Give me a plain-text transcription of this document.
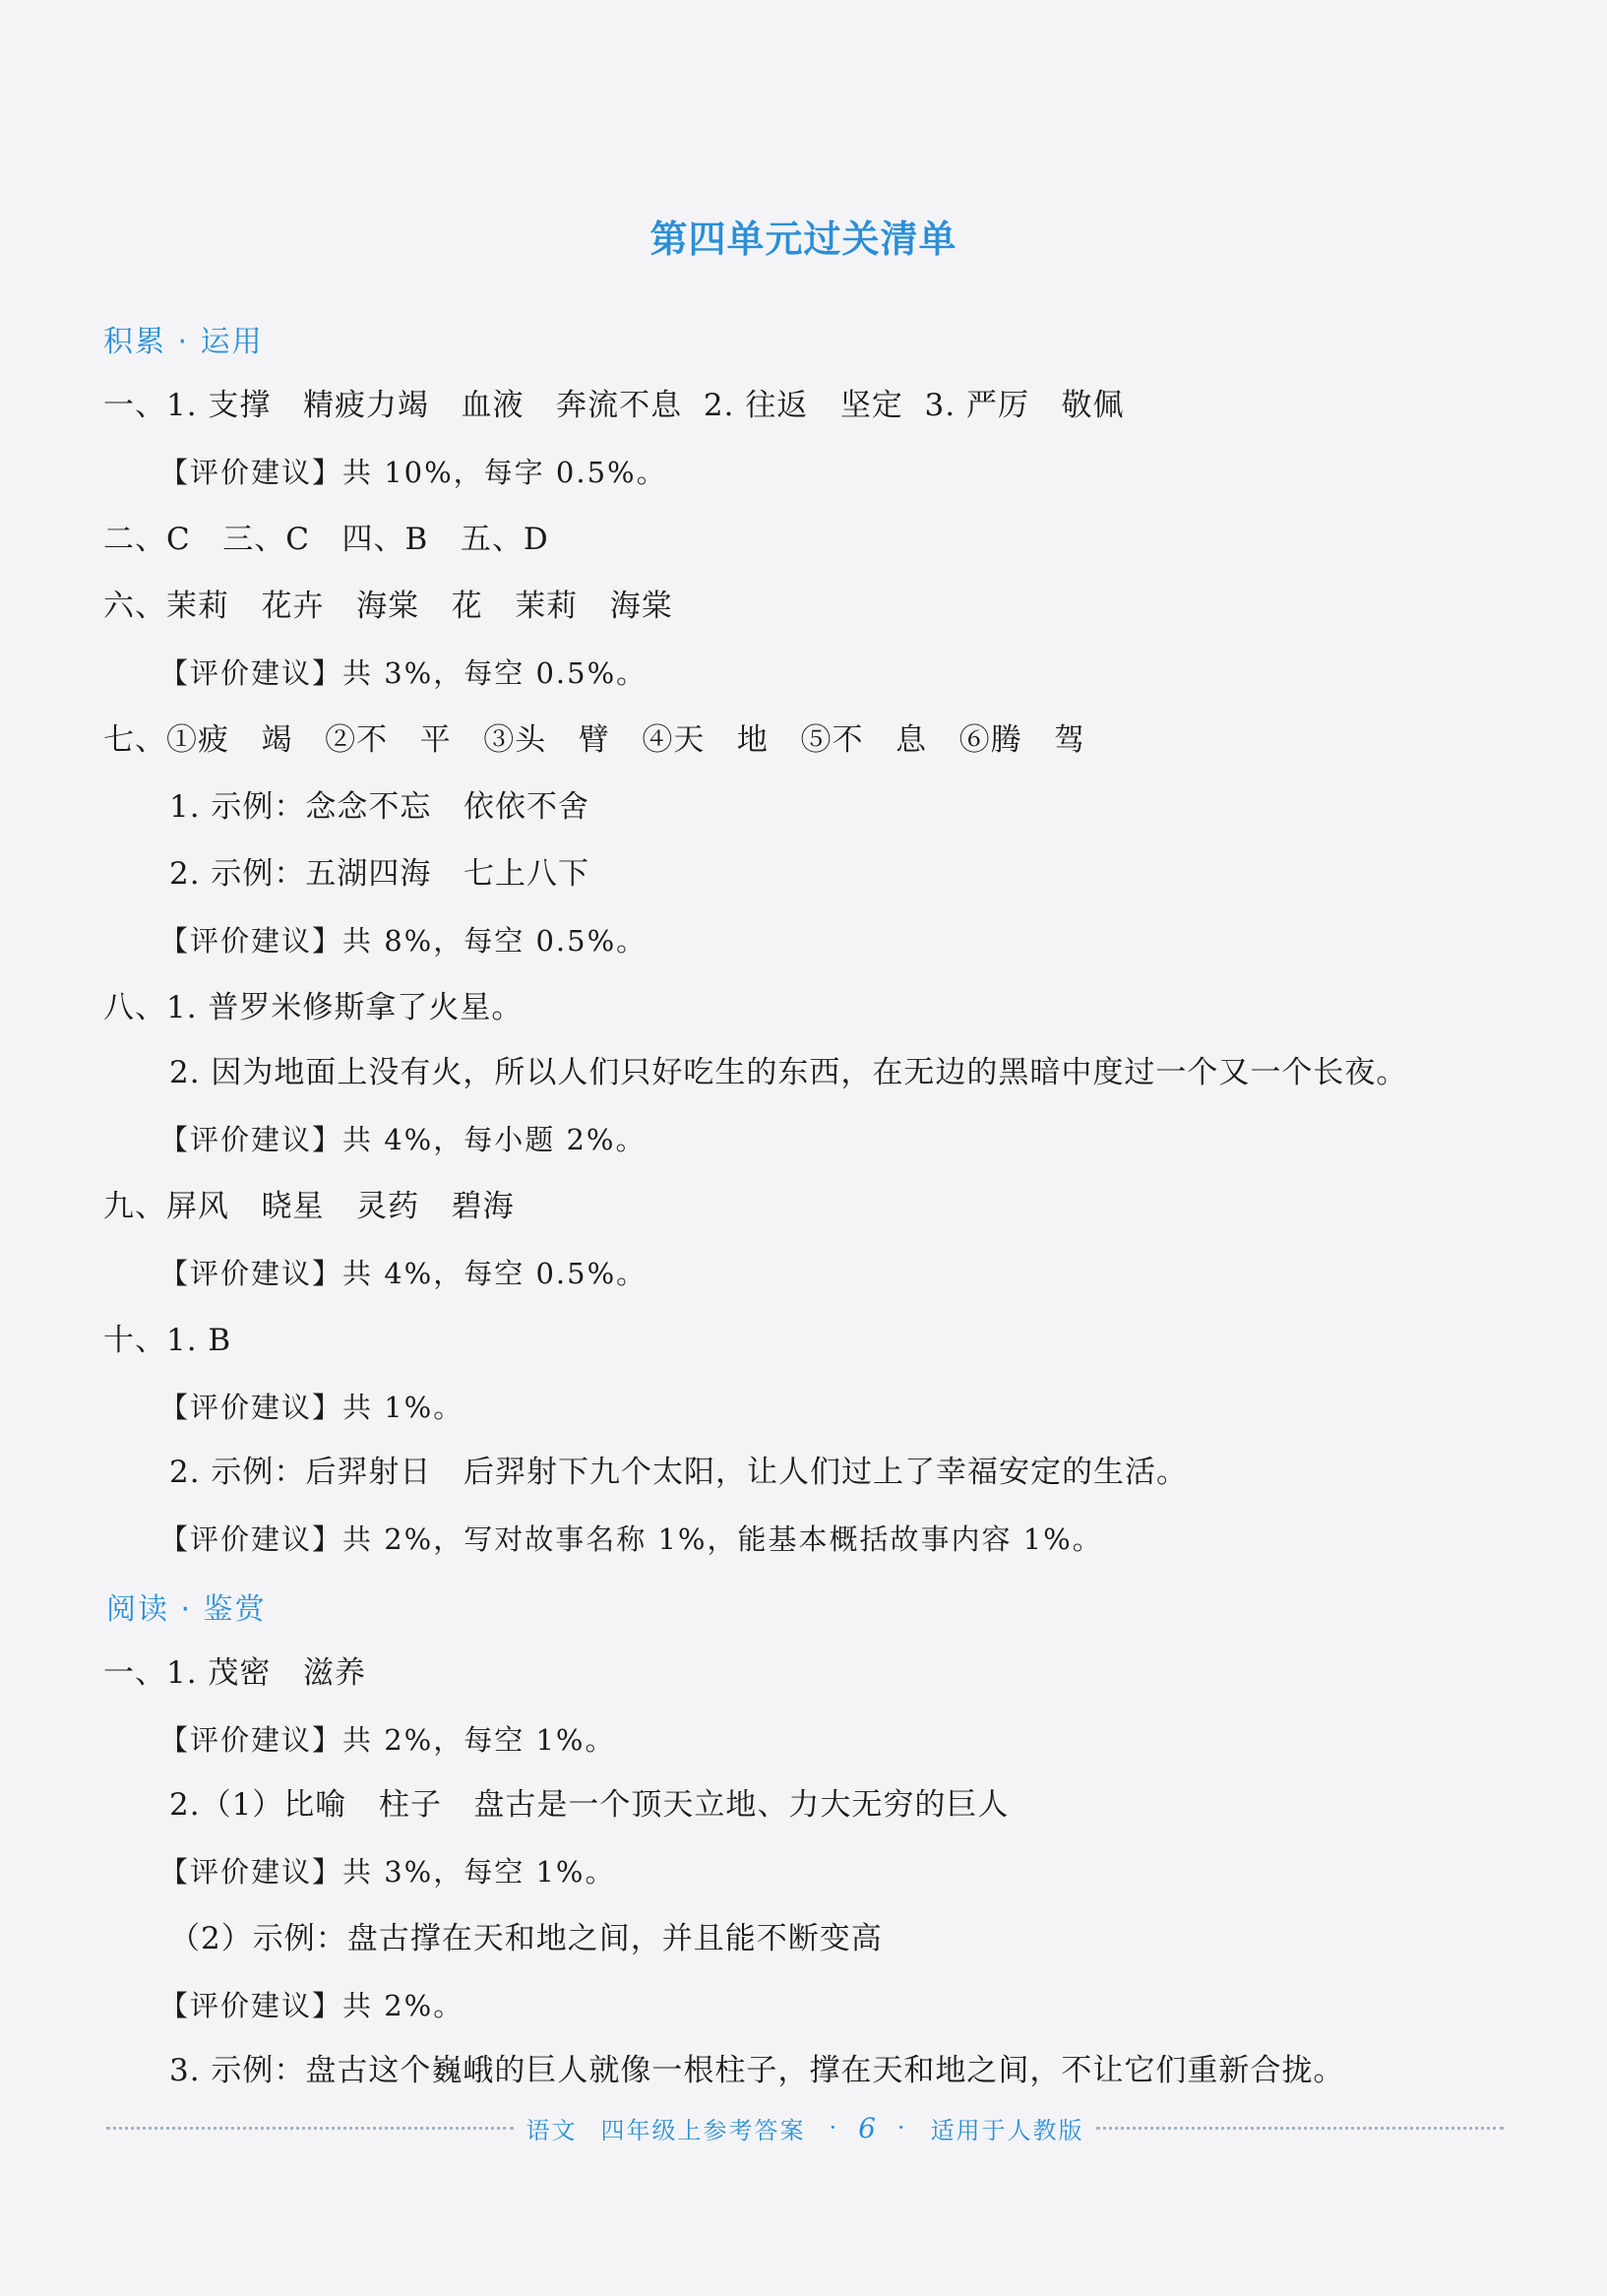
第四单元过关清单
积累 · 运用
一、1. 支撑   精疲力竭   血液   奔流不息  2. 往返   坚定  3. 严厉   敬佩
【评价建议】共 10%，每字 0.5%。
二、C   三、C   四、B   五、D
六、茉莉   花卉   海棠   花   茉莉   海棠
【评价建议】共 3%，每空 0.5%。
七、①疲   竭   ②不   平   ③头   臂   ④天   地   ⑤不   息   ⑥腾   驾
1. 示例：念念不忘   依依不舍
2. 示例：五湖四海   七上八下
【评价建议】共 8%，每空 0.5%。
八、1. 普罗米修斯拿了火星。
2. 因为地面上没有火，所以人们只好吃生的东西，在无边的黑暗中度过一个又一个长夜。
【评价建议】共 4%，每小题 2%。
九、屏风   晓星   灵药   碧海
【评价建议】共 4%，每空 0.5%。
十、1. B
【评价建议】共 1%。
2. 示例：后羿射日   后羿射下九个太阳，让人们过上了幸福安定的生活。
【评价建议】共 2%，写对故事名称 1%，能基本概括故事内容 1%。
阅读 · 鉴赏
一、1. 茂密   滋养
【评价建议】共 2%，每空 1%。
2.（1）比喻   柱子   盘古是一个顶天立地、力大无穷的巨人
【评价建议】共 3%，每空 1%。
（2）示例：盘古撑在天和地之间，并且能不断变高
【评价建议】共 2%。
3. 示例：盘古这个巍峨的巨人就像一根柱子，撑在天和地之间，不让它们重新合拢。
语文	四年级上参考答案	· 6 ·	适用于人教版
